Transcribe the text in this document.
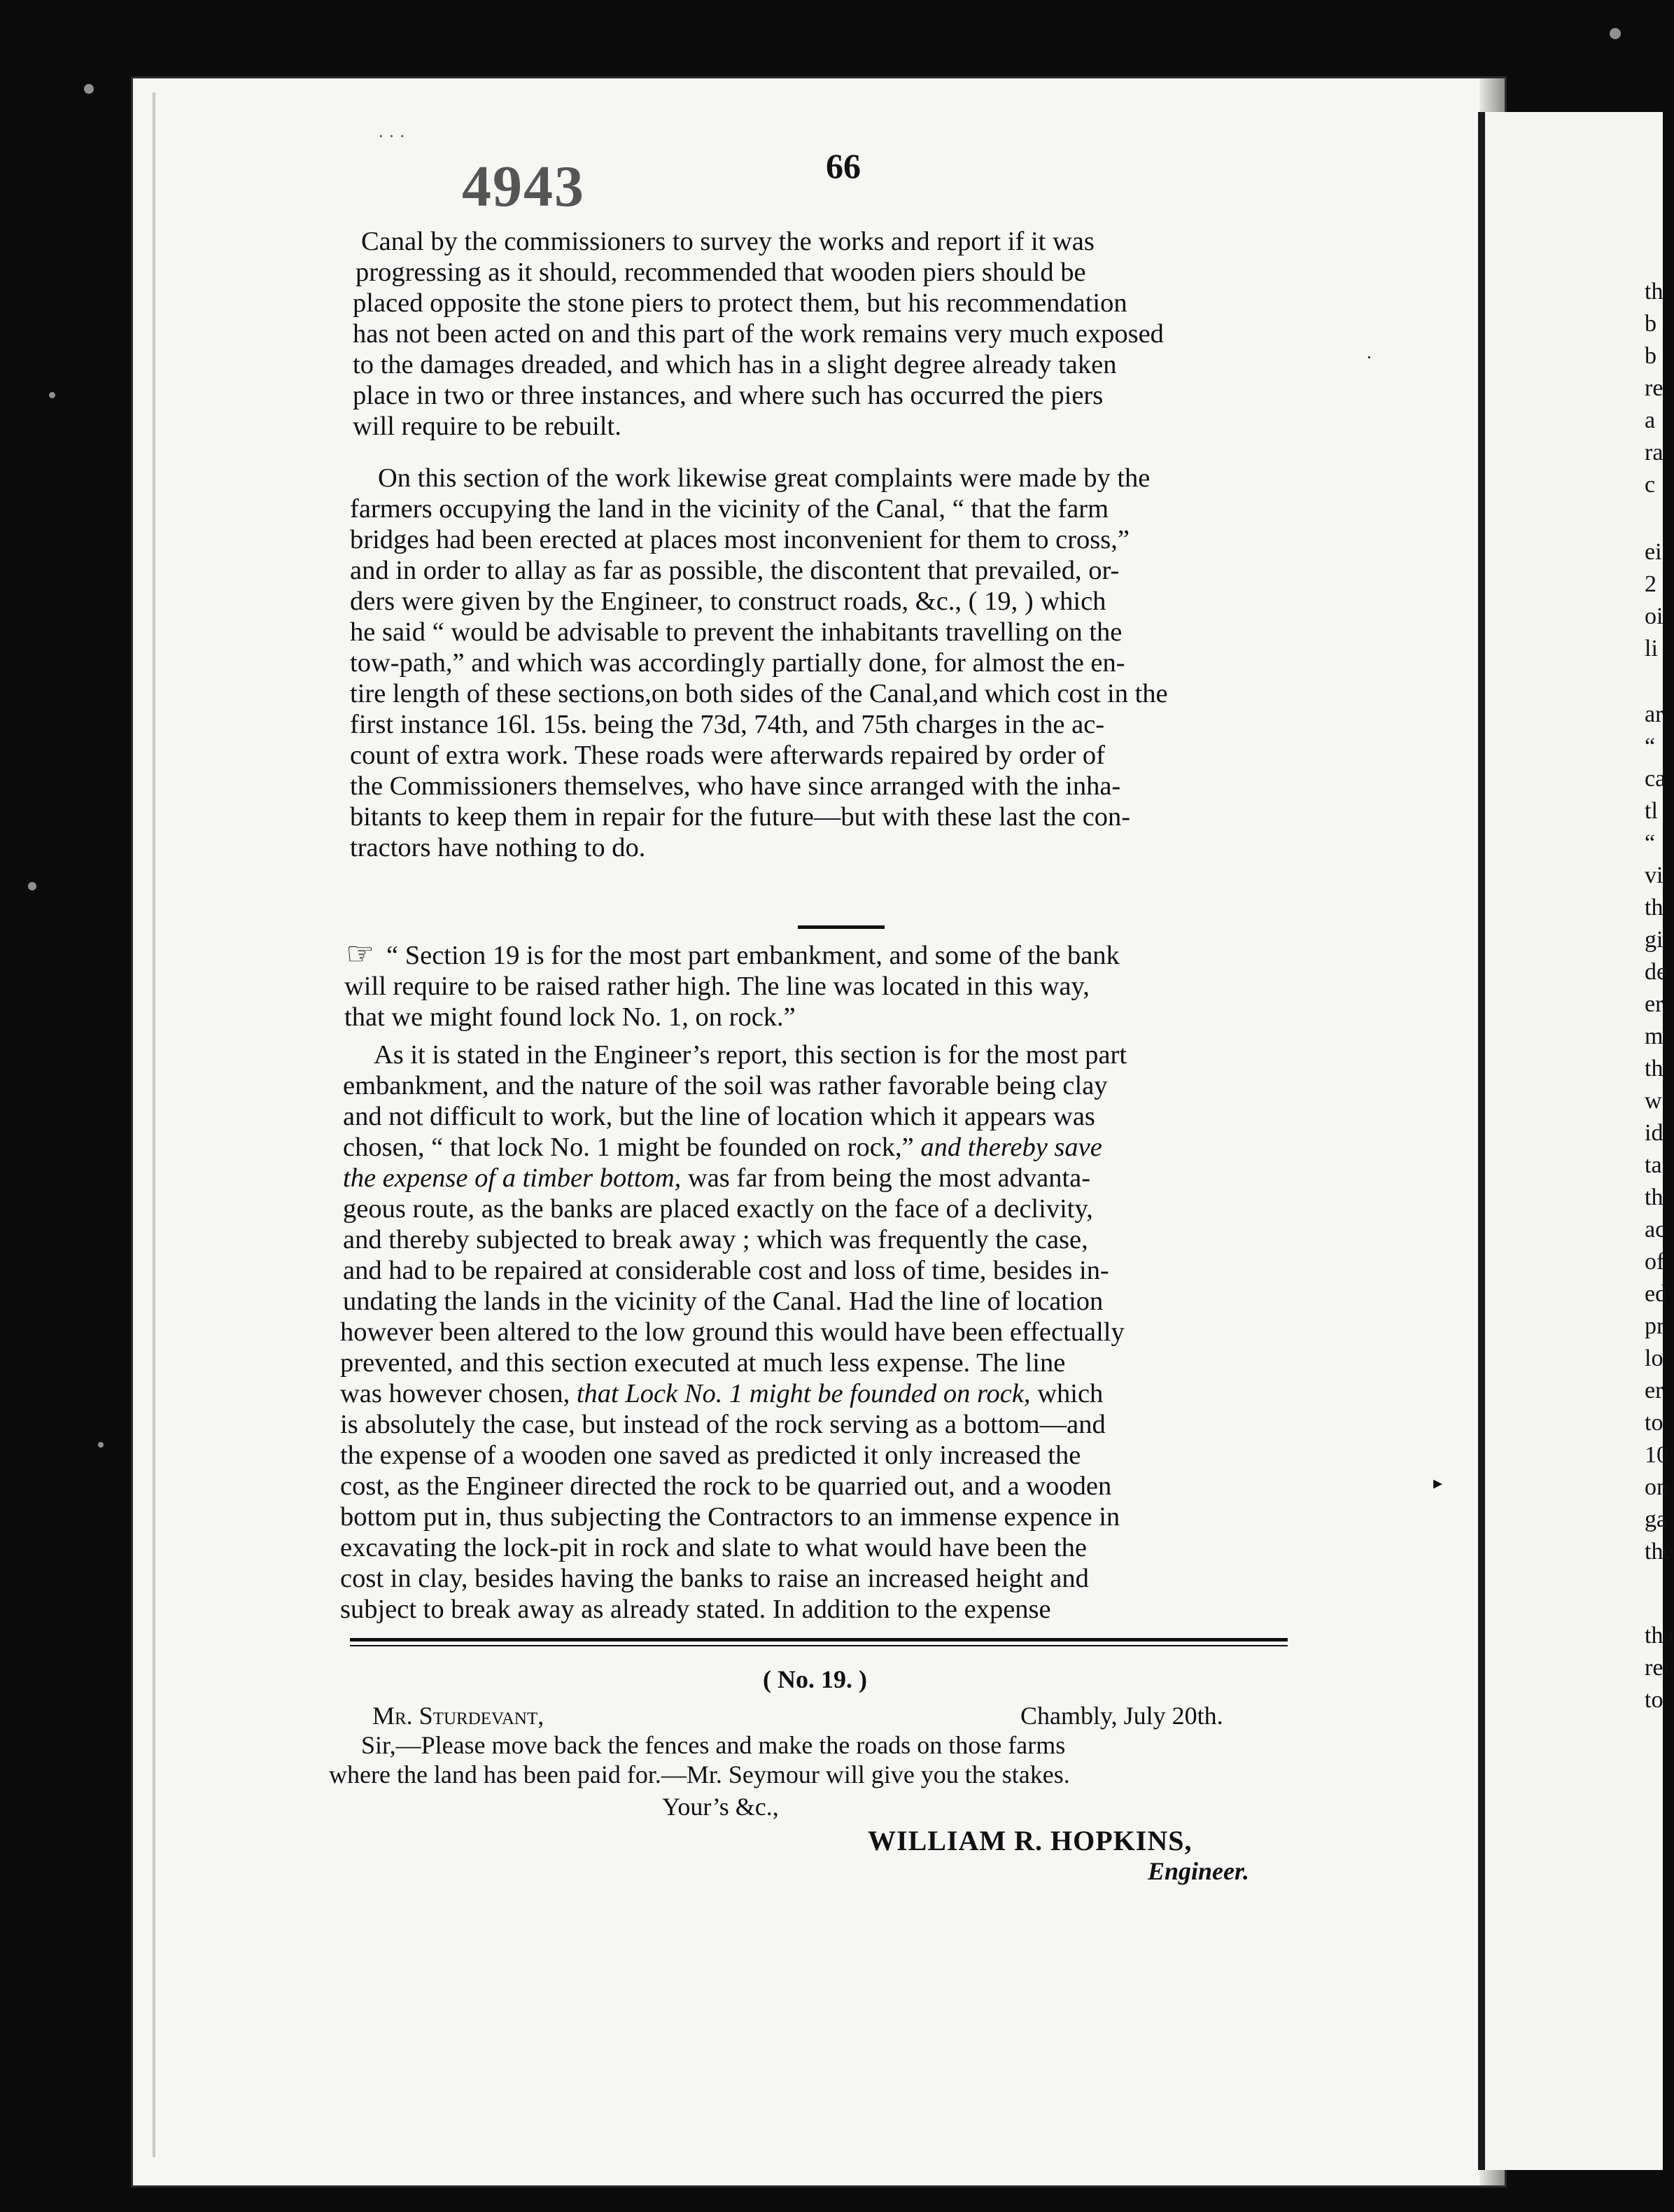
· · ·
4943	66
Canal by the commissioners to survey the works and report if it was
progressing as it should, recommended that wooden piers should be
placed opposite the stone piers to protect them, but his recommendation
has not been acted on and this part of the work remains very much exposed
to the damages dreaded, and which has in a slight degree already taken
place in two or three instances, and where such has occurred the piers
will require to be rebuilt.
On this section of the work likewise great complaints were made by the
farmers occupying the land in the vicinity of the Canal, “ that the farm
bridges had been erected at places most inconvenient for them to cross,”
and in order to allay as far as possible, the discontent that prevailed, or-
ders were given by the Engineer, to construct roads, &c., ( 19, ) which
he said “ would be advisable to prevent the inhabitants travelling on the
tow-path,” and which was accordingly partially done, for almost the en-
tire length of these sections,on both sides of the Canal,and which cost in the
first instance 16l. 15s. being the 73d, 74th, and 75th charges in the ac-
count of extra work. These roads were afterwards repaired by order of
the Commissioners themselves, who have since arranged with the inha-
bitants to keep them in repair for the future—but with these last the con-
tractors have nothing to do.
☞ “ Section 19 is for the most part embankment, and some of the bank
will require to be raised rather high. The line was located in this way,
that we might found lock No. 1, on rock.”
As it is stated in the Engineer’s report, this section is for the most part
embankment, and the nature of the soil was rather favorable being clay
and not difficult to work, but the line of location which it appears was
chosen, “ that lock No. 1 might be founded on rock,” and thereby save
the expense of a timber bottom, was far from being the most advanta-
geous route, as the banks are placed exactly on the face of a declivity,
and thereby subjected to break away ; which was frequently the case,
and had to be repaired at considerable cost and loss of time, besides in-
undating the lands in the vicinity of the Canal. Had the line of location
however been altered to the low ground this would have been effectually
prevented, and this section executed at much less expense. The line
was however chosen, that Lock No. 1 might be founded on rock, which
is absolutely the case, but instead of the rock serving as a bottom—and
the expense of a wooden one saved as predicted it only increased the
cost, as the Engineer directed the rock to be quarried out, and a wooden
bottom put in, thus subjecting the Contractors to an immense expence in
excavating the lock-pit in rock and slate to what would have been the
cost in clay, besides having the banks to raise an increased height and
subject to break away as already stated. In addition to the expense
( No. 19. )
Mr. Sturdevant,	Chambly, July 20th.
Sir,—Please move back the fences and make the roads on those farms
where the land has been paid for.—Mr. Seymour will give you the stakes.
Your’s &c.,
WILLIAM R. HOPKINS,
Engineer.
▸
·
th
b
b
re
a
ra
c
ei
2
oi
li
ar
“
ca
tl
“
vi
th
gi
de
er
m
th
w
id
ta
th
ac
of
ed
pr
lo
er
to
10
on
ga
the
tha
rei
to
